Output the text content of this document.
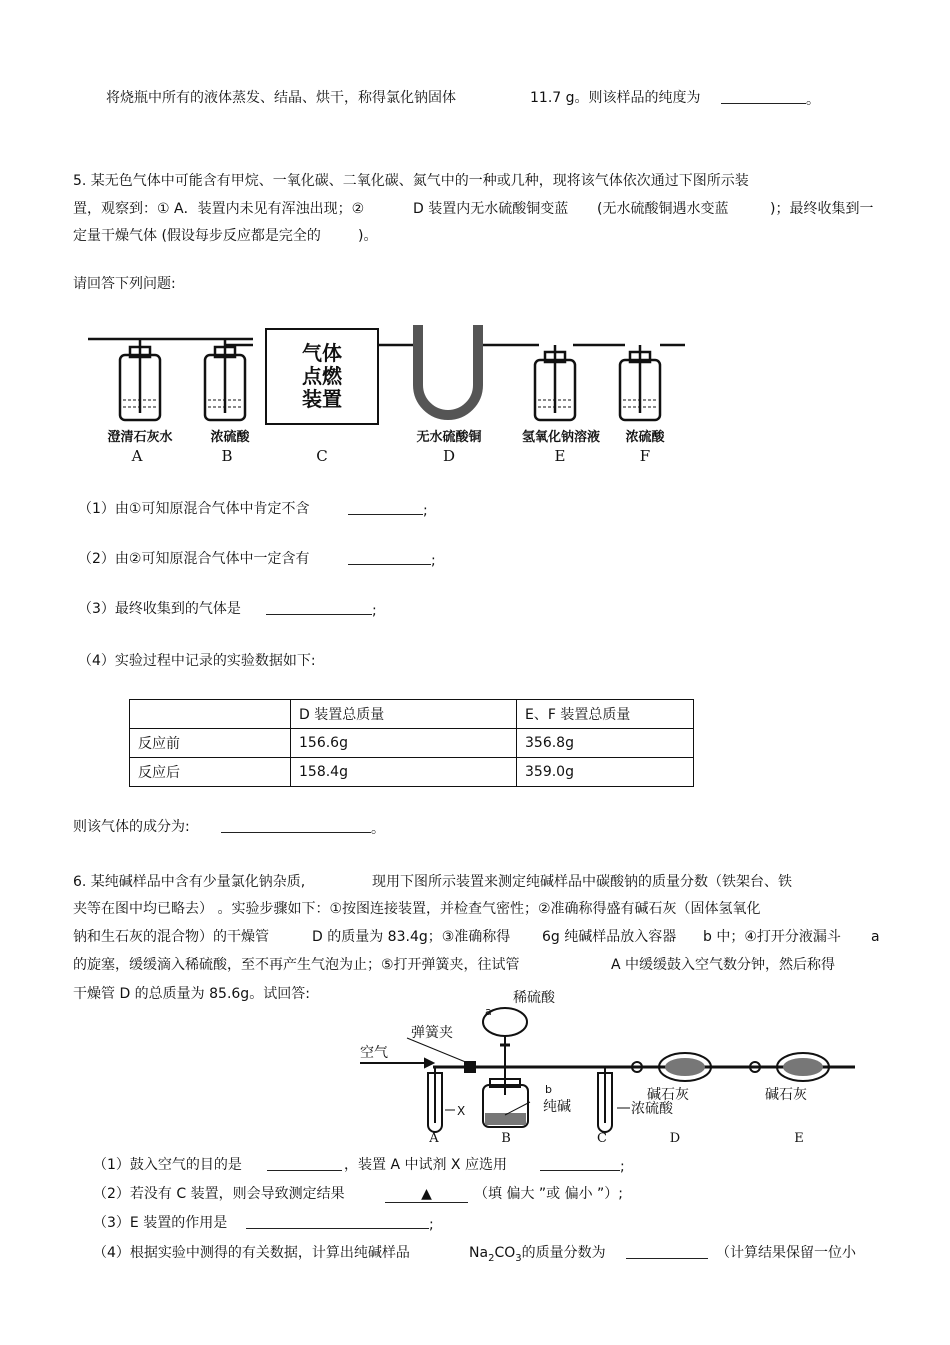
将烧瓶中所有的液体蒸发、结晶、烘干，称得氯化钠固体	11.7 g。则该样品的纯度为	。
5. 某无色气体中可能含有甲烷、一氧化碳、二氧化碳、氮气中的一种或几种，现将该气体依次通过下图所示装
置，观察到：① A．装置内未见有浑浊出现；②	D 装置内无水硫酸铜变蓝 (无水硫酸铜遇水变蓝	)；最终收集到一
定量干燥气体 (假设每步反应都是完全的	)。
请回答下列问题:
气体
点燃
装置
澄清石灰水	浓硫酸	无水硫酸铜	氢氧化钠溶液 浓硫酸
A	B	C	D	E	F
（1）由①可知原混合气体中肯定不含	;
（2）由②可知原混合气体中一定含有	;
（3）最终收集到的气体是	;
（4）实验过程中记录的实验数据如下:
	D 装置总质量	E、F 装置总质量
反应前	156.6g	356.8g
反应后	158.4g	359.0g
则该气体的成分为:	。
6. 某纯碱样品中含有少量氯化钠杂质,	现用下图所示装置来测定纯碱样品中碳酸钠的质量分数（铁架台、铁
夹等在图中均已略去） 。实验步骤如下：①按图连接装置，并检查气密性；②准确称得盛有碱石灰（固体氢氧化
钠和生石灰的混合物）的干燥管	D 的质量为 83.4g；③准确称得 6g 纯碱样品放入容器 b 中；④打开分液漏斗 a
的旋塞，缓缓滴入稀硫酸，至不再产生气泡为止；⑤打开弹簧夹，往试管	A 中缓缓鼓入空气数分钟，然后称得
干燥管 D 的总质量为 85.6g。试回答:	稀硫酸
a
弹簧夹
空气
b
纯碱
X	浓硫酸
碱石灰	碱石灰
A	B	C	D	E
（1）鼓入空气的目的是	，装置 A 中试剂 X 应选用	;
（2）若没有 C 装置，则会导致测定结果	▲	（填 偏大 ”或 偏小 ”）;
（3）E 装置的作用是	;
（4）根据实验中测得的有关数据，计算出纯碱样品	$Na_2CO_3$的质量分数为	（计算结果保留一位小
